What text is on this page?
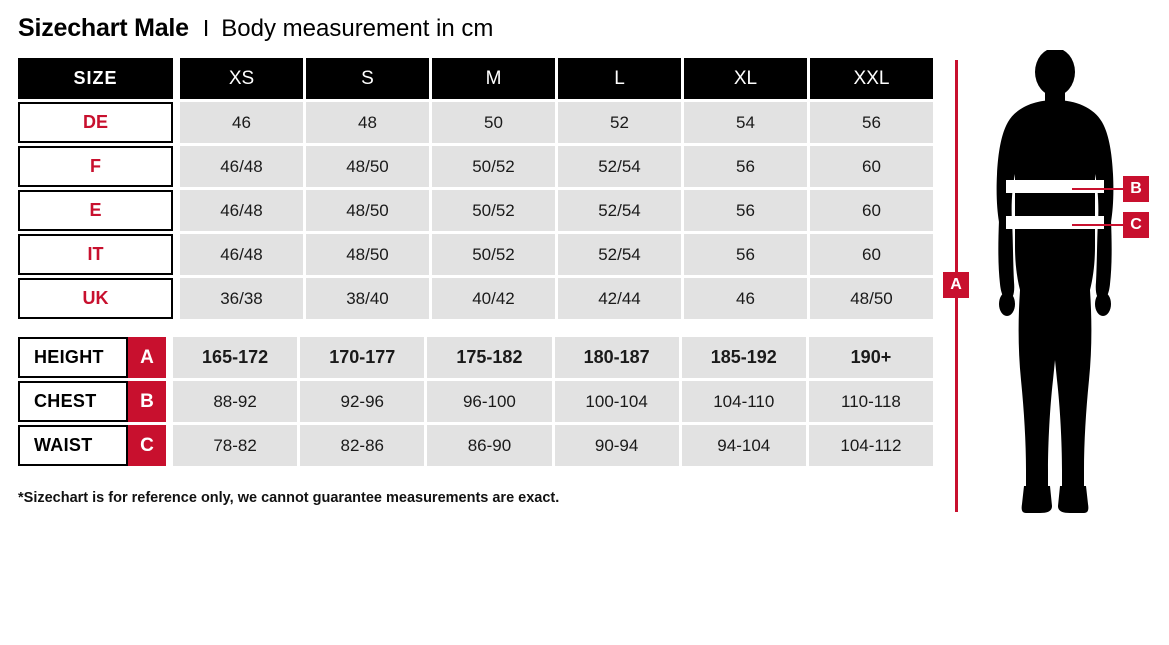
Sizechart Male I Body measurement in cm
SIZE	XS	S	M	L	XL	XXL
DE	46	48	50	52	54	56
F	46/48	48/50	50/52	52/54	56	60
E	46/48	48/50	50/52	52/54	56	60
IT	46/48	48/50	50/52	52/54	56	60
UK	36/38	38/40	40/42	42/44	46	48/50
HEIGHT	A	165-172	170-177	175-182	180-187	185-192	190+
CHEST	B	88-92	92-96	96-100	100-104	104-110	110-118
WAIST	C	78-82	82-86	86-90	90-94	94-104	104-112
*Sizechart is for reference only, we cannot guarantee measurements are exact.
A
B
C
